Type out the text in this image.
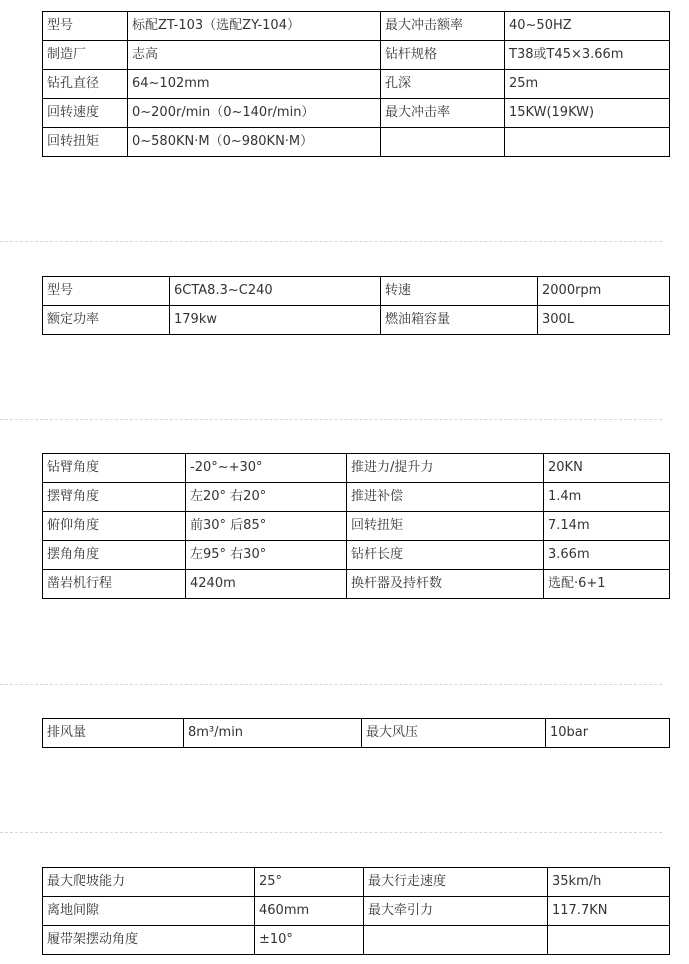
型号	标配ZT-103（选配ZY-104）	最大冲击额率	40~50HZ
制造厂	志高	钻杆规格	T38或T45×3.66m
钻孔直径	64~102mm	孔深	25m
回转速度	0~200r/min（0~140r/min）	最大冲击率	15KW(19KW)
回转扭矩	0~580KN·M（0~980KN·M）		
型号	6CTA8.3~C240	转速	2000rpm
额定功率	179kw	燃油箱容量	300L
钻臂角度	-20°~+30°	推进力/提升力	20KN
摆臂角度	左20° 右20°	推进补偿	1.4m
俯仰角度	前30° 后85°	回转扭矩	7.14m
摆角角度	左95° 右30°	钻杆长度	3.66m
凿岩机行程	4240m	换杆器及持杆数	选配·6+1
排风量	8m³/min	最大风压	10bar
最大爬坡能力	25°	最大行走速度	35km/h
离地间隙	460mm	最大牵引力	117.7KN
履带架摆动角度	±10°		
